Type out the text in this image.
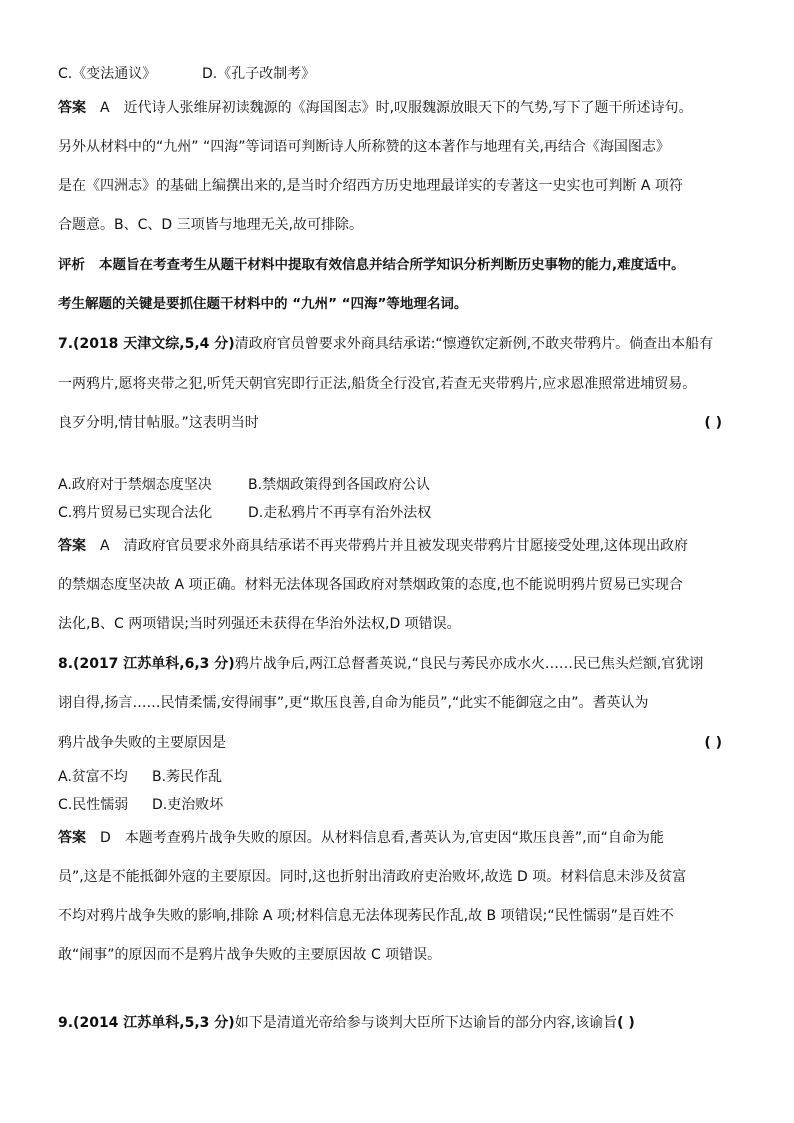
C.《变法通议》	D.《孔子改制考》
答案 A 近代诗人张维屏初读魏源的《海国图志》时,叹服魏源放眼天下的气势,写下了题干所述诗句。
另外从材料中的“九州” “四海”等词语可判断诗人所称赞的这本著作与地理有关,再结合《海国图志》
是在《四洲志》的基础上编撰出来的,是当时介绍西方历史地理最详实的专著这一史实也可判断 A 项符
合题意。B、C、D 三项皆与地理无关,故可排除。
评析 本题旨在考查考生从题干材料中提取有效信息并结合所学知识分析判断历史事物的能力,难度适中。
考生解题的关键是要抓住题干材料中的 “九州” “四海”等地理名词。
7.(2018 天津文综,5,4 分)清政府官员曾要求外商具结承诺:“懔遵钦定新例,不敢夹带鸦片。倘查出本船有
一两鸦片,愿将夹带之犯,听凭天朝官宪即行正法,船货全行没官,若查无夹带鸦片,应求恩准照常进埔贸易。
良歹分明,情甘帖服。”这表明当时	( )
A.政府对于禁烟态度坚决	B.禁烟政策得到各国政府公认
C.鸦片贸易已实现合法化	D.走私鸦片不再享有治外法权
答案 A 清政府官员要求外商具结承诺不再夹带鸦片并且被发现夹带鸦片甘愿接受处理,这体现出政府
的禁烟态度坚决故 A 项正确。材料无法体现各国政府对禁烟政策的态度,也不能说明鸦片贸易已实现合
法化,B、C 两项错误;当时列强还未获得在华治外法权,D 项错误。
8.(2017 江苏单科,6,3 分)鸦片战争后,两江总督耆英说,“良民与莠民亦成水火……民已焦头烂额,官犹诩
诩自得,扬言……民情柔懦,安得闹事”,更“欺压良善,自命为能员”,“此实不能御寇之由”。耆英认为
鸦片战争失败的主要原因是	( )
A.贫富不均 B.莠民作乱
C.民性懦弱 D.吏治败坏
答案 D 本题考查鸦片战争失败的原因。从材料信息看,耆英认为,官吏因“欺压良善”,而“自命为能
员”,这是不能抵御外寇的主要原因。同时,这也折射出清政府吏治败坏,故选 D 项。材料信息未涉及贫富
不均对鸦片战争失败的影响,排除 A 项;材料信息无法体现莠民作乱,故 B 项错误;“民性懦弱”是百姓不
敢“闹事”的原因而不是鸦片战争失败的主要原因故 C 项错误。
9.(2014 江苏单科,5,3 分)如下是清道光帝给参与谈判大臣所下达谕旨的部分内容,该谕旨( )
